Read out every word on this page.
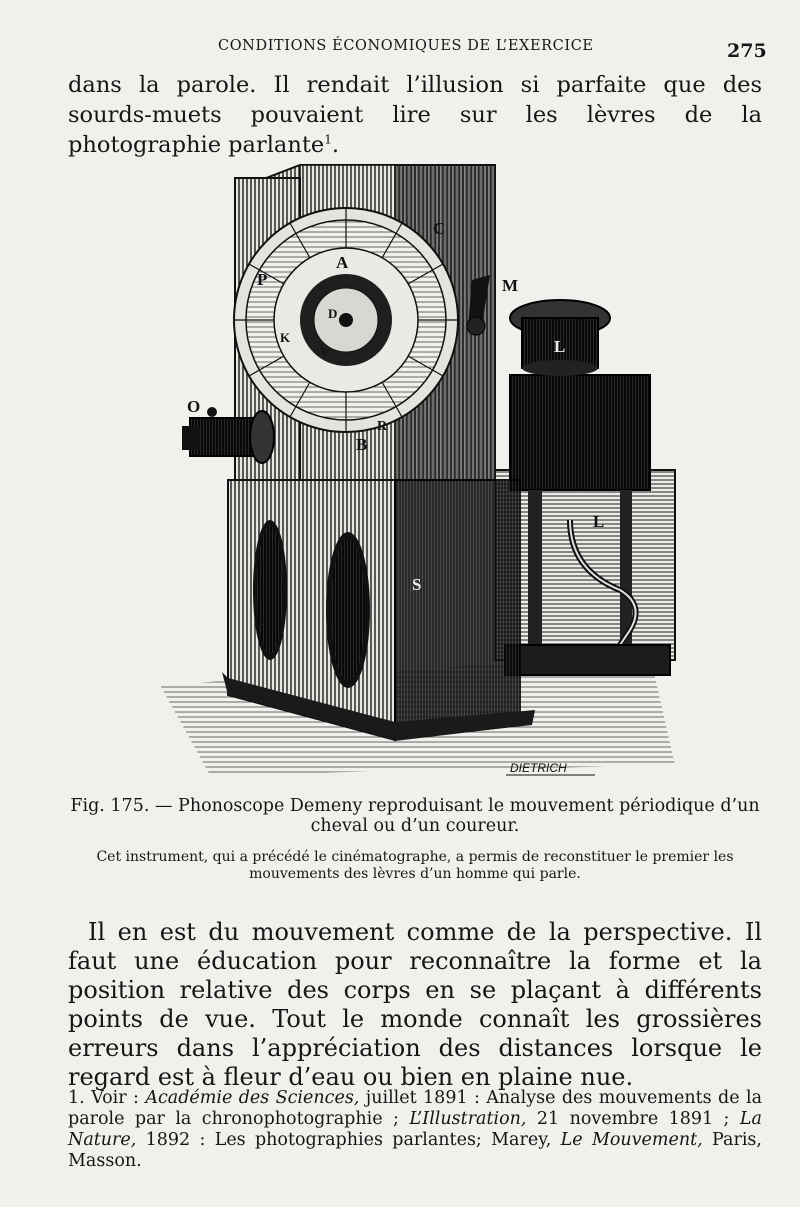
CONDITIONS ÉCONOMIQUES DE L’EXERCICE	275
dans la parole. Il rendait l’illusion si parfaite que des sourds-muets pouvaient lire sur les lèvres de la photographie parlante$^1$.
P
C
M
A
D
V
B
R
O
L
L
S
K
DIETRICH
Fig. 175. — Phonoscope Demeny reproduisant le mouvement périodique d’un cheval ou d’un coureur.
Cet instrument, qui a précédé le cinématographe, a permis de reconstituer le premier les mouvements des lèvres d’un homme qui parle.
Il en est du mouvement comme de la perspective. Il faut une éducation pour reconnaître la forme et la position relative des corps en se plaçant à différents points de vue. Tout le monde connaît les grossières erreurs dans l’appréciation des distances lorsque le regard est à fleur d’eau ou bien en plaine nue.
1. Voir : Académie des Sciences, juillet 1891 : Analyse des mouvements de la parole par la chronophotographie ; L’Illustration, 21 novembre 1891 ; La Nature, 1892 : Les photographies parlantes; Marey, Le Mouvement, Paris, Masson.
